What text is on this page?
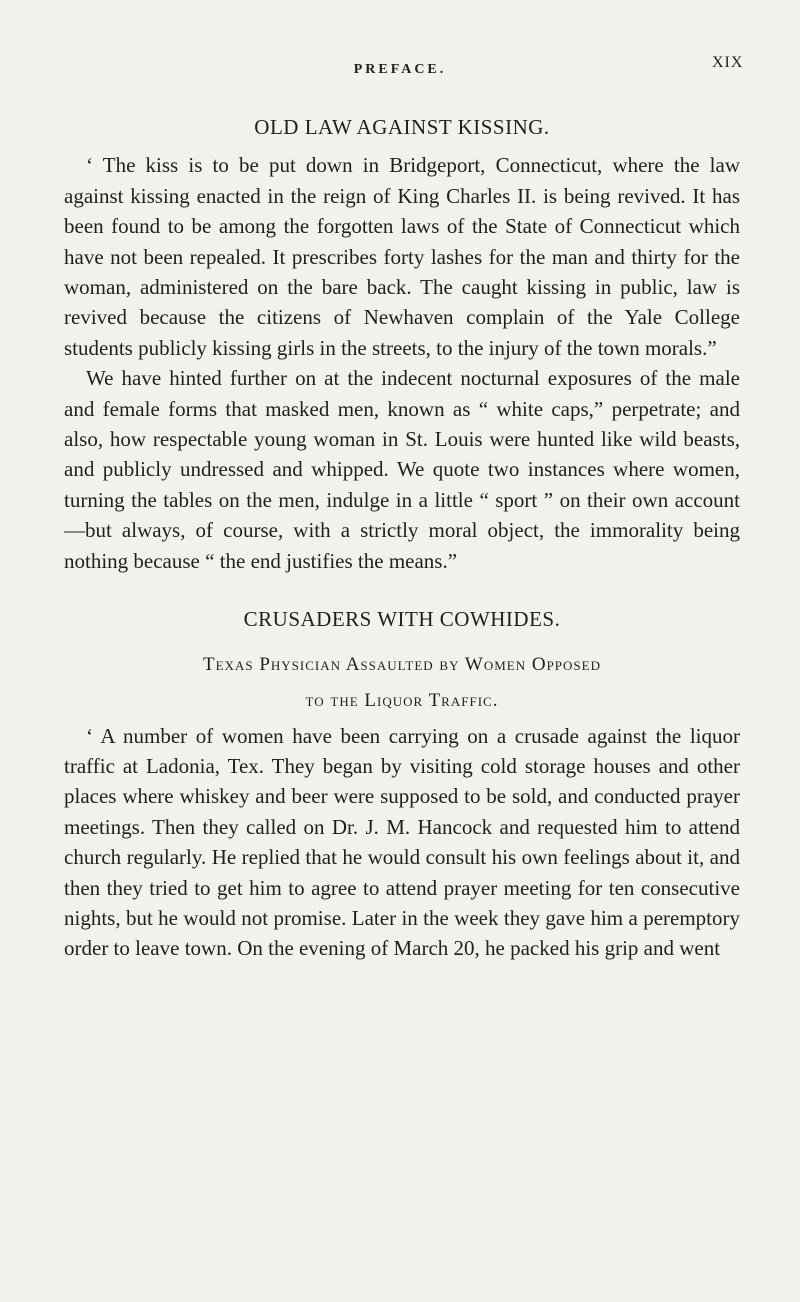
PREFACE.	XIX
OLD LAW AGAINST KISSING.

‘ The kiss is to be put down in Bridgeport, Connecticut, where the law against kissing enacted in the reign of King Charles II. is being revived. It has been found to be among the forgotten laws of the State of Connecticut which have not been repealed. It prescribes forty lashes for the man and thirty for the woman, administered on the bare back. The caught kissing in public, law is revived because the citizens of Newhaven complain of the Yale College students publicly kissing girls in the streets, to the injury of the town morals.”

We have hinted further on at the indecent nocturnal exposures of the male and female forms that masked men, known as “ white caps,” perpetrate; and also, how respectable young woman in St. Louis were hunted like wild beasts, and publicly undressed and whipped. We quote two instances where women, turning the tables on the men, indulge in a little “ sport ” on their own account—but always, of course, with a strictly moral object, the immorality being nothing because “ the end justifies the means.”

CRUSADERS WITH COWHIDES.
Texas Physician Assaulted by Women Opposed
to the Liquor Traffic.

‘ A number of women have been carrying on a crusade against the liquor traffic at Ladonia, Tex. They began by visiting cold storage houses and other places where whiskey and beer were supposed to be sold, and conducted prayer meetings. Then they called on Dr. J. M. Hancock and requested him to attend church regularly. He replied that he would consult his own feelings about it, and then they tried to get him to agree to attend prayer meeting for ten consecutive nights, but he would not promise. Later in the week they gave him a peremptory order to leave town. On the evening of March 20, he packed his grip and went
